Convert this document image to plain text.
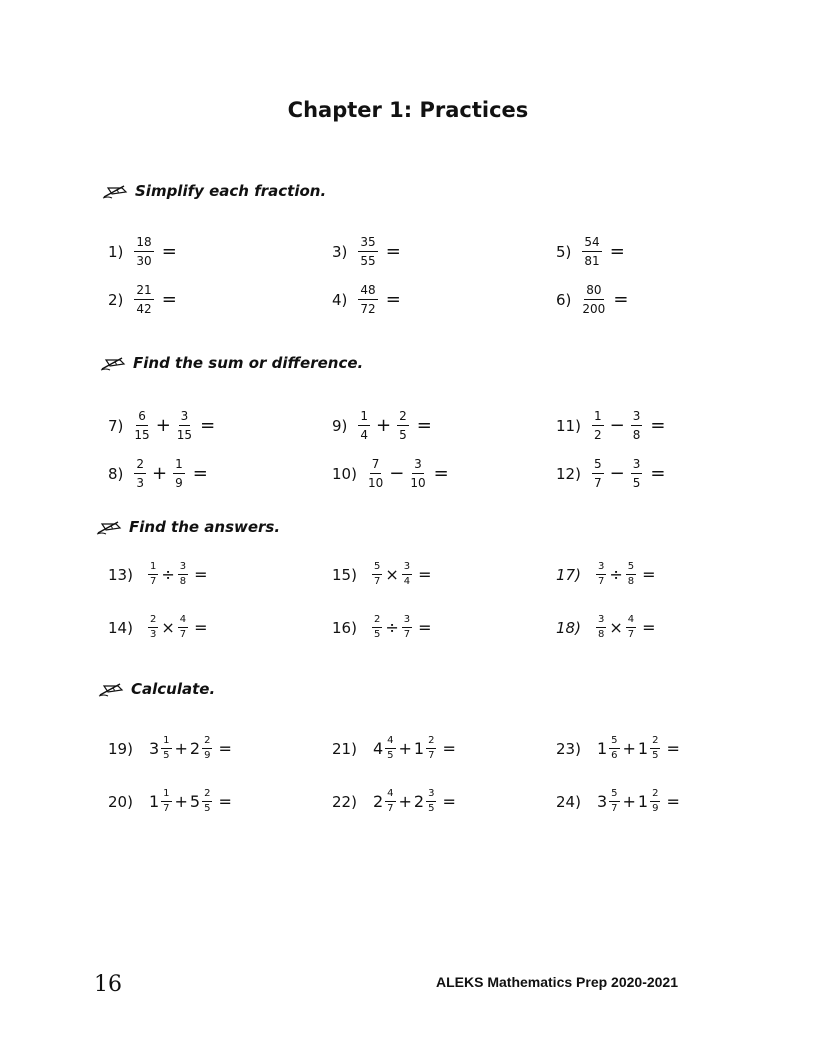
Chapter 1: Practices
Simplify each fraction.
$1) \frac{18}{30}$ =
$2) \frac{21}{42}$ =
$3) \frac{35}{55}$ =
$4) \frac{48}{72}$ =
$5) \frac{54}{81}$ =
$6) \frac{80}{200}$ =
Find the sum or difference.
$7) \frac{6}{15} + \frac{3}{15}$ =
$8) \frac{2}{3} + \frac{1}{9}$ =
$9) \frac{1}{4} + \frac{2}{5}$ =
$10) \frac{7}{10} - \frac{3}{10}$ =
$11) \frac{1}{2} - \frac{3}{8}$ =
$12) \frac{5}{7} - \frac{3}{5}$ =
Find the answers.
$13) \frac{1}{7} \div \frac{3}{8}$ =
$14) \frac{2}{3} \times \frac{4}{7}$ =
$15) \frac{5}{7} \times \frac{3}{4}$ =
$16) \frac{2}{5} \div \frac{3}{7}$ =
$17) \frac{3}{7} \div \frac{5}{8}$ =
$18) \frac{3}{8} \times \frac{4}{7}$ =
Calculate.
19) $3 \frac{1}{5} + 2 \frac{2}{9}$ =
20) $1 \frac{1}{7} + 5 \frac{2}{5}$ =
21) $4 \frac{4}{5} + 1 \frac{2}{7}$ =
22) $2 \frac{4}{7} + 2 \frac{3}{5}$ =
23) $1 \frac{5}{6} + 1 \frac{2}{5}$ =
24) $3 \frac{5}{7} + 1 \frac{2}{9}$ =
16	ALEKS Mathematics Prep 2020-2021
